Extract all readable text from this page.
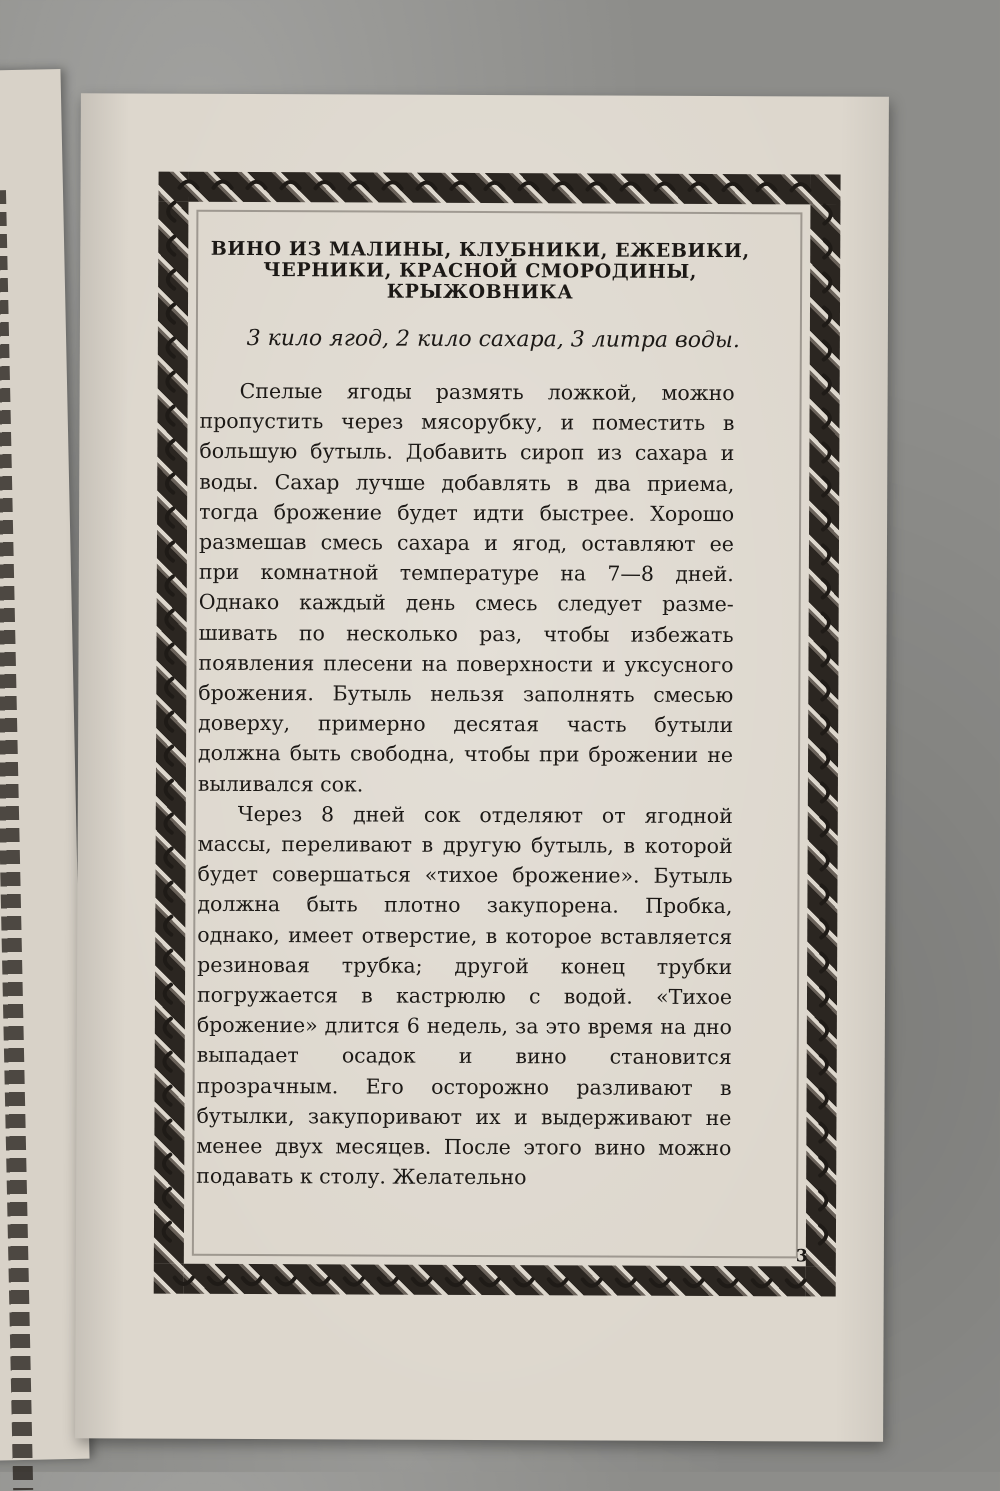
ВИНО ИЗ МАЛИНЫ, КЛУБНИКИ, ЕЖЕВИКИ,
ЧЕРНИКИ, КРАСНОЙ СМОРОДИНЫ,
КРЫЖОВНИКА
3 кило ягод, 2 кило сахара, 3 литра воды.

Спелые ягоды размять ложкой, можно пропустить через мясорубку, и поместить в большую бутыль. Добавить сироп из сахара и воды. Сахар лучше добавлять в два приема, тогда брожение будет идти быстрее. Хорошо размешав смесь сахара и ягод, оставляют ее при комнатной температуре на 7—8 дней. Однако каждый день смесь следует размешивать по несколько раз, чтобы избежать появления плесени на поверхности и уксусного брожения. Бутыль нельзя заполнять смесью доверху, примерно десятая часть бутыли должна быть свободна, чтобы при брожении не выливался сок.

Через 8 дней сок отделяют от ягодной массы, переливают в другую бутыль, в которой будет совершаться «тихое брожение». Бутыль должна быть плотно закупорена. Пробка, однако, имеет отверстие, в которое вставляется резиновая трубка; другой конец трубки погружается в кастрюлю с водой. «Тихое брожение» длится 6 недель, за это время на дно выпадает осадок и вино становится прозрачным. Его осторожно разливают в бутылки, закупоривают их и выдерживают не менее двух месяцев. После этого вино можно подавать к столу. Желательно

3
